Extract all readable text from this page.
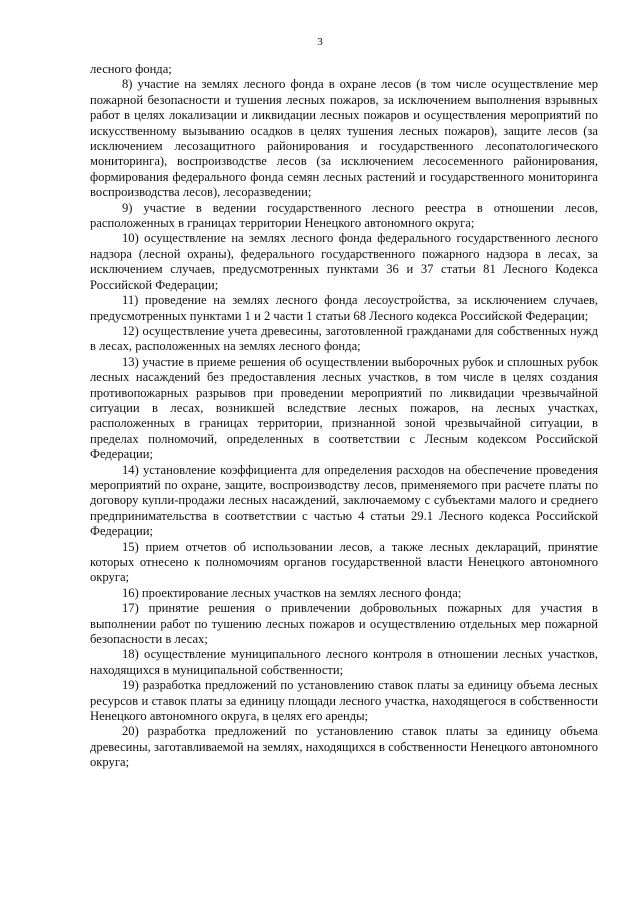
3

лесного фонда;

8) участие на землях лесного фонда в охране лесов (в том числе осуществление мер пожарной безопасности и тушения лесных пожаров, за исключением выполнения взрывных работ в целях локализации и ликвидации лесных пожаров и осуществления мероприятий по искусственному вызыванию осадков в целях тушения лесных пожаров), защите лесов (за исключением лесозащитного районирования и государственного лесопатологического мониторинга), воспроизводстве лесов (за исключением лесосеменного районирования, формирования федерального фонда семян лесных растений и государственного мониторинга воспроизводства лесов), лесоразведении;

9) участие в ведении государственного лесного реестра в отношении лесов, расположенных в границах территории Ненецкого автономного округа;

10) осуществление на землях лесного фонда федерального государственного лесного надзора (лесной охраны), федерального государственного пожарного надзора в лесах, за исключением случаев, предусмотренных пунктами 36 и 37 статьи 81 Лесного Кодекса Российской Федерации;

11) проведение на землях лесного фонда лесоустройства, за исключением случаев, предусмотренных пунктами 1 и 2 части 1 статьи 68 Лесного кодекса Российской Федерации;

12) осуществление учета древесины, заготовленной гражданами для собственных нужд в лесах, расположенных на землях лесного фонда;

13) участие в приеме решения об осуществлении выборочных рубок и сплошных рубок лесных насаждений без предоставления лесных участков, в том числе в целях создания противопожарных разрывов при проведении мероприятий по ликвидации чрезвычайной ситуации в лесах, возникшей вследствие лесных пожаров, на лесных участках, расположенных в границах территории, признанной зоной чрезвычайной ситуации, в пределах полномочий, определенных в соответствии с Лесным кодексом Российской Федерации;

14) установление коэффициента для определения расходов на обеспечение проведения мероприятий по охране, защите, воспроизводству лесов, применяемого при расчете платы по договору купли-продажи лесных насаждений, заключаемому с субъектами малого и среднего предпринимательства в соответствии с частью 4 статьи 29.1 Лесного кодекса Российской Федерации;

15) прием отчетов об использовании лесов, а также лесных деклараций, принятие которых отнесено к полномочиям органов государственной власти Ненецкого автономного округа;

16) проектирование лесных участков на землях лесного фонда;

17) принятие решения о привлечении добровольных пожарных для участия в выполнении работ по тушению лесных пожаров и осуществлению отдельных мер пожарной безопасности в лесах;

18) осуществление муниципального лесного контроля в отношении лесных участков, находящихся в муниципальной собственности;

19) разработка предложений по установлению ставок платы за единицу объема лесных ресурсов и ставок платы за единицу площади лесного участка, находящегося в собственности Ненецкого автономного округа, в целях его аренды;

20) разработка предложений по установлению ставок платы за единицу объема древесины, заготавливаемой на землях, находящихся в собственности Ненецкого автономного округа;
